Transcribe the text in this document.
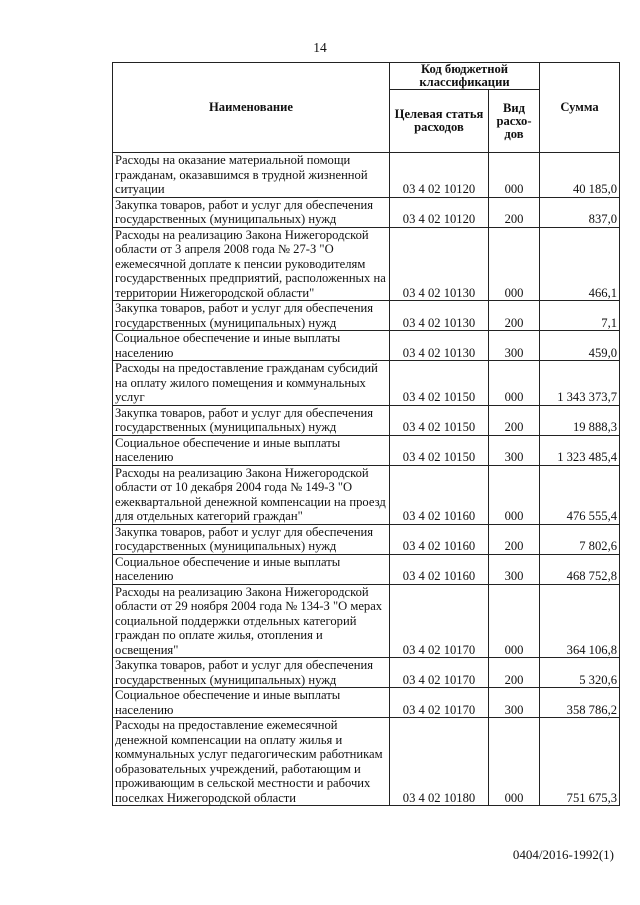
14
Наименование	Код бюджетной классификации		Сумма
	Целевая статья расходов	Вид расхо-дов	
Расходы на оказание материальной помощи гражданам, оказавшимся в трудной жизненной ситуации	03 4 02 10120	000	40 185,0
Закупка товаров, работ и услуг для обеспечения государственных (муниципальных) нужд	03 4 02 10120	200	837,0
Расходы на реализацию Закона Нижегородской области от 3 апреля 2008 года № 27-З "О ежемесячной доплате к пенсии руководителям государственных предприятий, расположенных на территории Нижегородской области"	03 4 02 10130	000	466,1
Закупка товаров, работ и услуг для обеспечения государственных (муниципальных) нужд	03 4 02 10130	200	7,1
Социальное обеспечение и иные выплаты населению	03 4 02 10130	300	459,0
Расходы на предоставление гражданам субсидий на оплату жилого помещения и коммунальных услуг	03 4 02 10150	000	1 343 373,7
Закупка товаров, работ и услуг для обеспечения государственных (муниципальных) нужд	03 4 02 10150	200	19 888,3
Социальное обеспечение и иные выплаты населению	03 4 02 10150	300	1 323 485,4
Расходы на реализацию Закона Нижегородской области от 10 декабря 2004 года № 149-З "О ежеквартальной денежной компенсации на проезд для отдельных категорий граждан"	03 4 02 10160	000	476 555,4
Закупка товаров, работ и услуг для обеспечения государственных (муниципальных) нужд	03 4 02 10160	200	7 802,6
Социальное обеспечение и иные выплаты населению	03 4 02 10160	300	468 752,8
Расходы на реализацию Закона Нижегородской области от 29 ноября 2004 года № 134-З "О мерах социальной поддержки отдельных категорий граждан по оплате жилья, отопления и освещения"	03 4 02 10170	000	364 106,8
Закупка товаров, работ и услуг для обеспечения государственных (муниципальных) нужд	03 4 02 10170	200	5 320,6
Социальное обеспечение и иные выплаты населению	03 4 02 10170	300	358 786,2
Расходы на предоставление ежемесячной денежной компенсации на оплату жилья и коммунальных услуг педагогическим работникам образовательных учреждений, работающим и проживающим в сельской местности и рабочих поселках Нижегородской области	03 4 02 10180	000	751 675,3
0404/2016-1992(1)
